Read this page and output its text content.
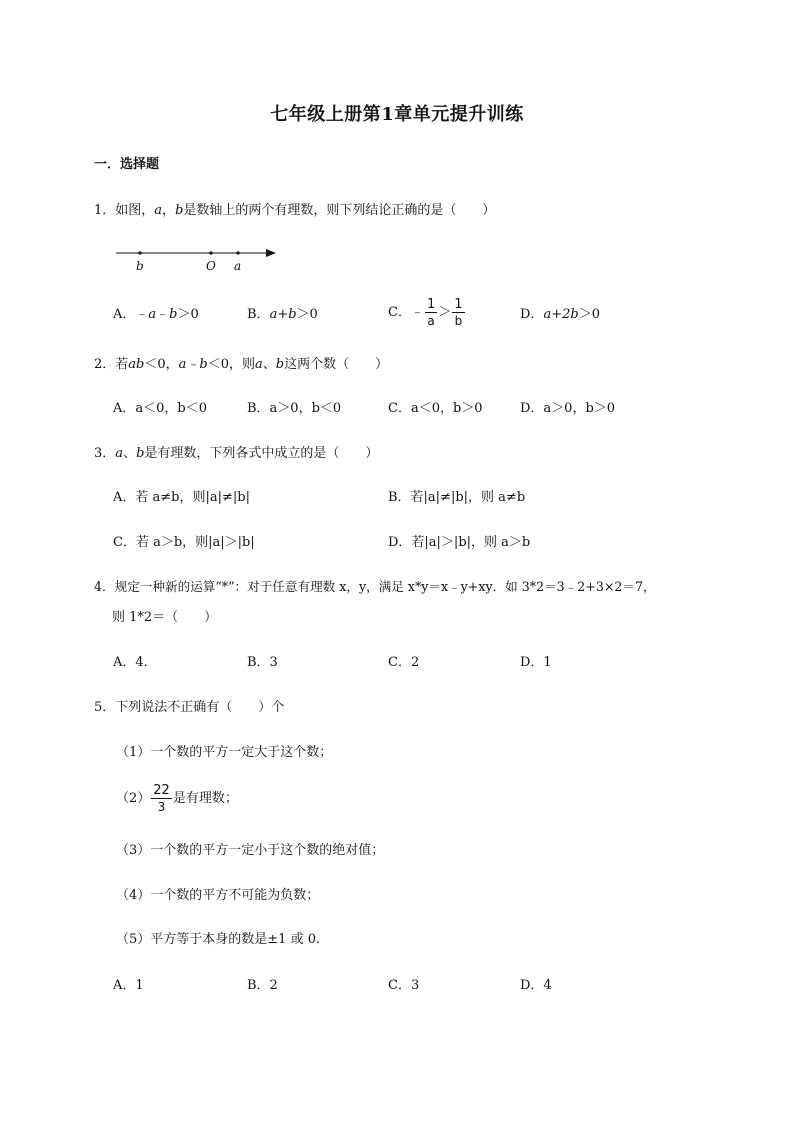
七年级上册第1章单元提升训练
一．选择题
1．如图，a，b是数轴上的两个有理数，则下列结论正确的是（　　）
b	O a
A．﹣a﹣b＞0	B．a+b＞0	C．﹣ $\frac{1}{a} > \frac{1}{b}$	D．a+2b＞0
2．若ab＜0，a﹣b＜0，则a、b这两个数（　　）
A．a＜0，b＜0	B．a＞0，b＜0	C．a＜0，b＞0	D．a＞0，b＞0
3．a、b是有理数，下列各式中成立的是（　　）
A．若 a≠b，则|a|≠|b|	B．若|a|≠|b|，则 a≠b
C．若 a＞b，则|a|＞|b|	D．若|a|＞|b|，则 a＞b
4．规定一种新的运算“*”：对于任意有理数 x，y，满足 x*y＝x﹣y+xy．如 3*2＝3﹣2+3×2＝7，
则 1*2＝（　　）
A．4．	B．3	C．2	D．1
5．下列说法不正确有（　　）个
（1）一个数的平方一定大于这个数；
$(2) \frac{22}{3}$ 是有理数；
（3）一个数的平方一定小于这个数的绝对值；
（4）一个数的平方不可能为负数；
（5）平方等于本身的数是±1 或 0．
A．1	B．2	C．3	D．4
